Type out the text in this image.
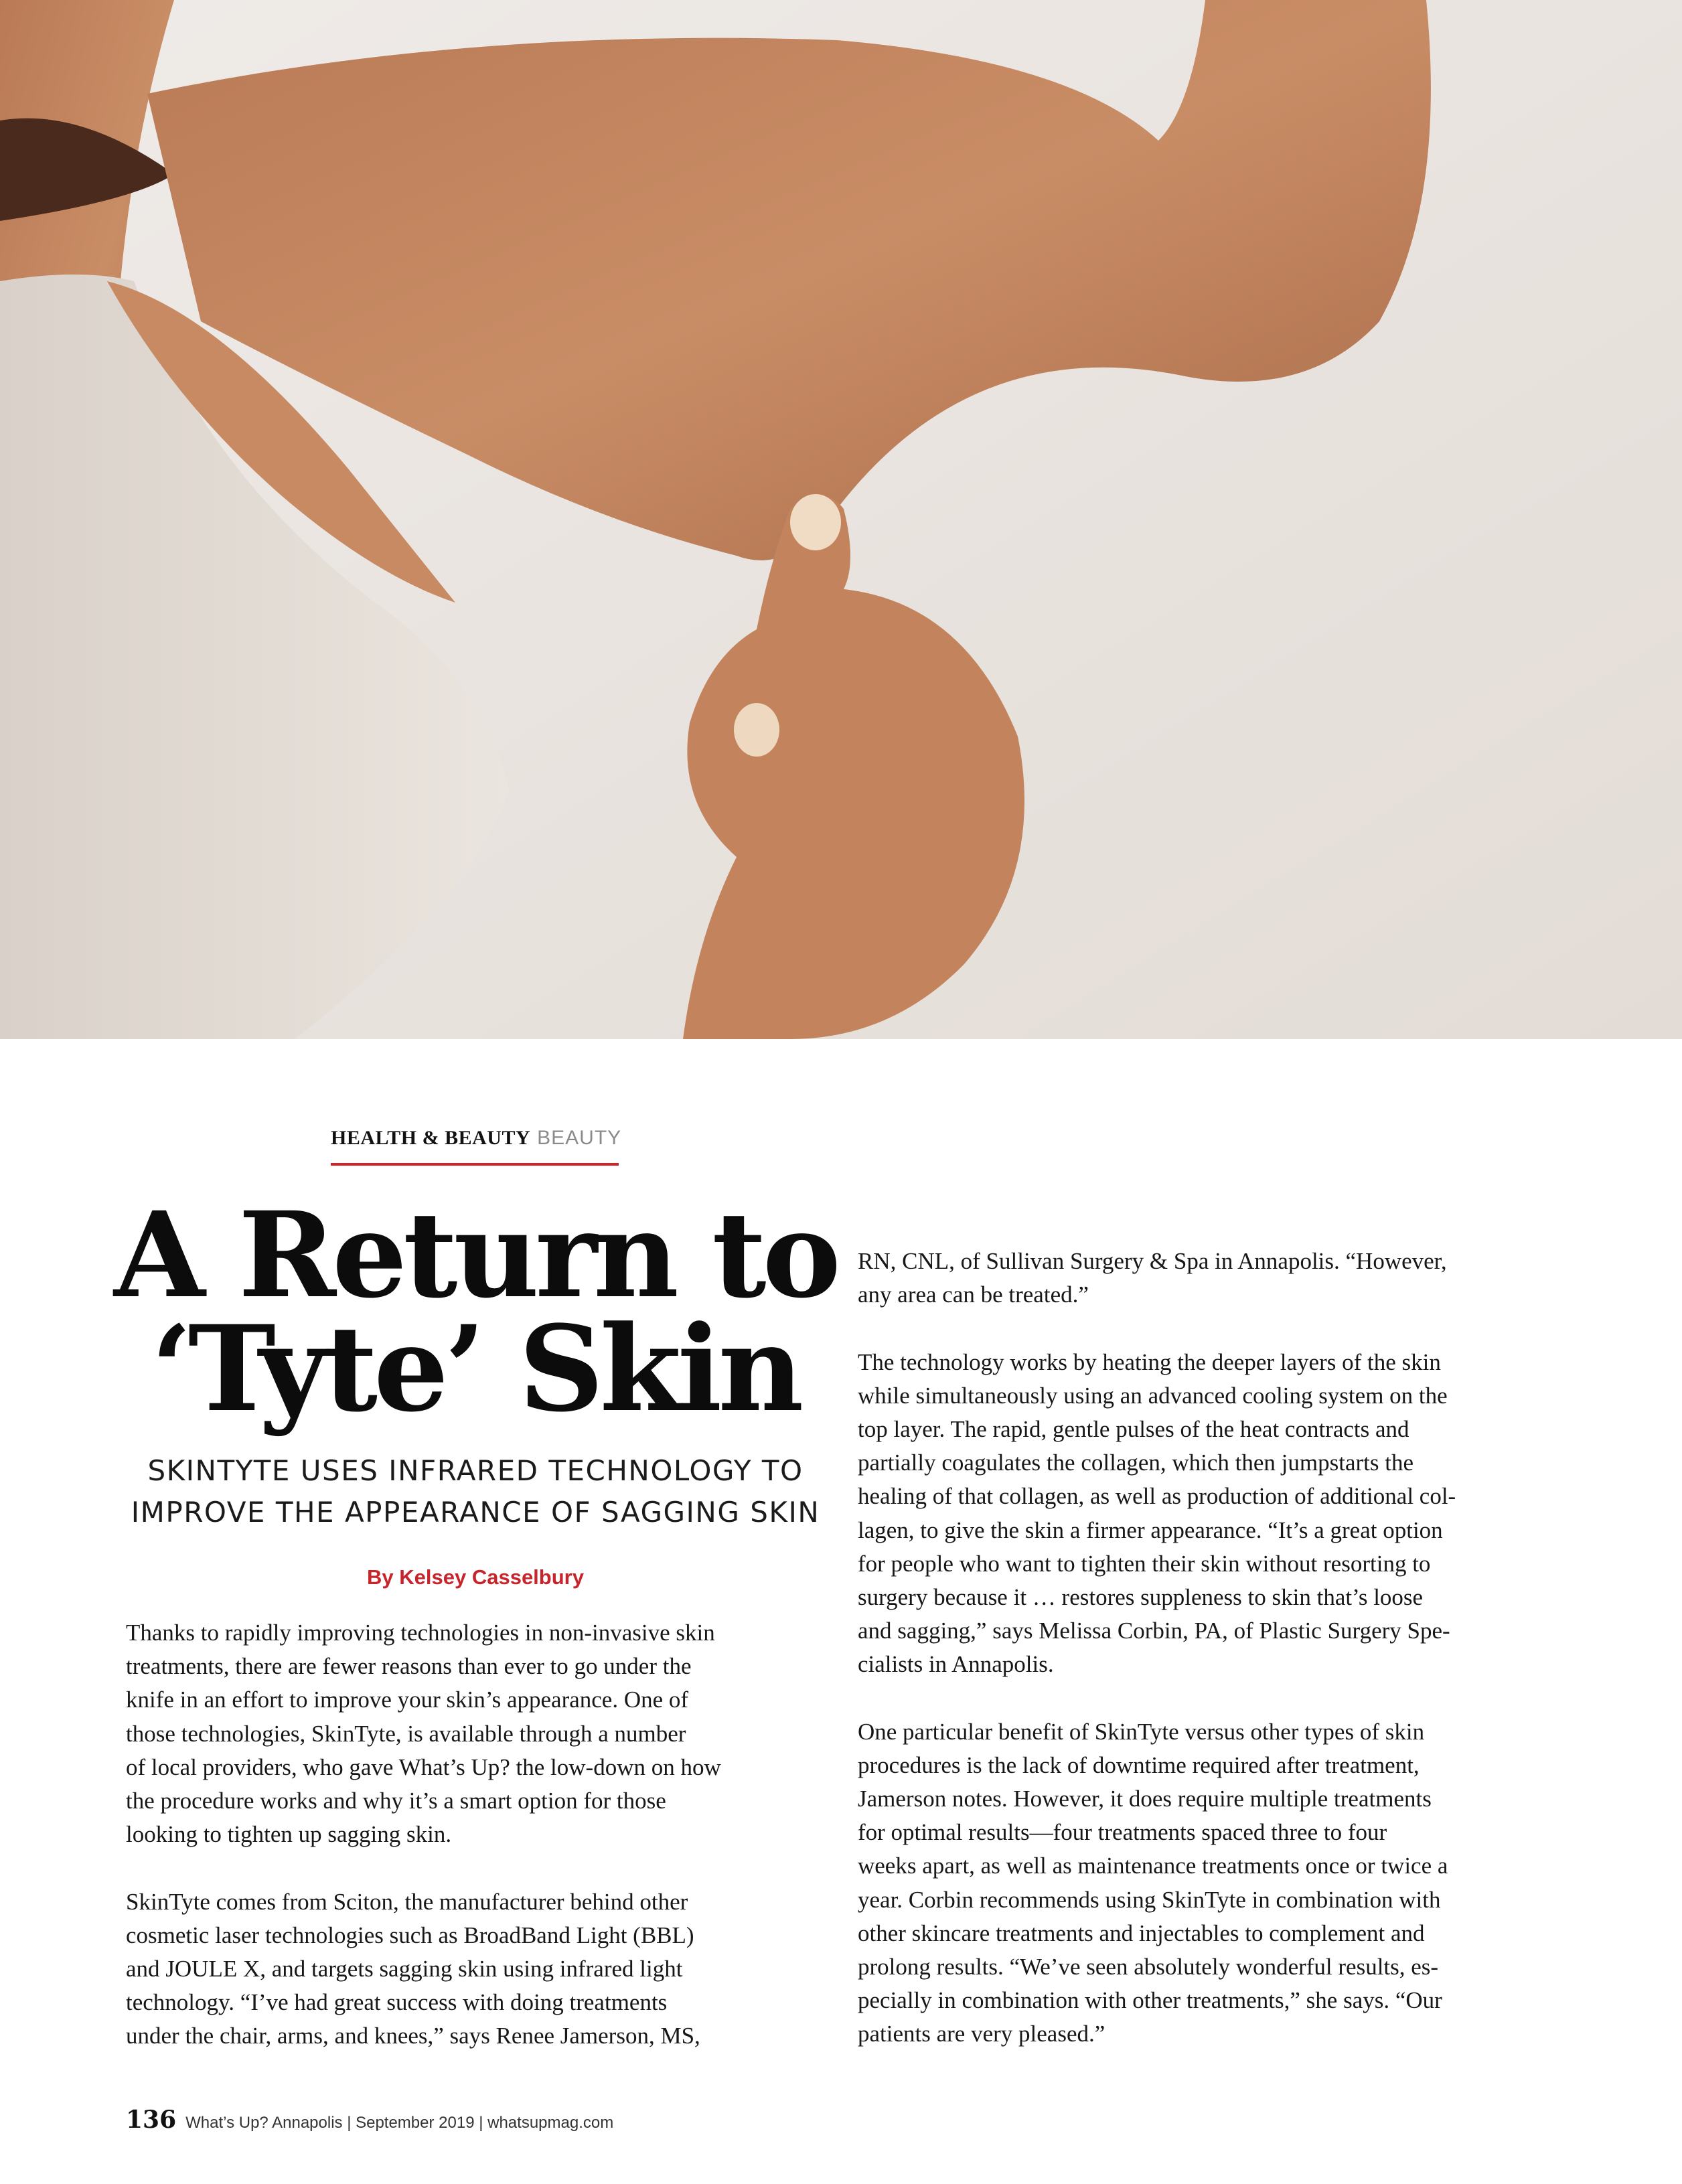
HEALTH & BEAUTY BEAUTY
A Return to
‘Tyte’ Skin
SKINTYTE USES INFRARED TECHNOLOGY TO
IMPROVE THE APPEARANCE OF SAGGING SKIN
By Kelsey Casselbury
Thanks to rapidly improving technologies in non-invasive skin
treatments, there are fewer reasons than ever to go under the
knife in an effort to improve your skin’s appearance. One of
those technologies, SkinTyte, is available through a number
of local providers, who gave What’s Up? the low-down on how
the procedure works and why it’s a smart option for those
looking to tighten up sagging skin.
SkinTyte comes from Sciton, the manufacturer behind other
cosmetic laser technologies such as BroadBand Light (BBL)
and JOULE X, and targets sagging skin using infrared light
technology. “I’ve had great success with doing treatments
under the chair, arms, and knees,” says Renee Jamerson, MS,
RN, CNL, of Sullivan Surgery & Spa in Annapolis. “However,
any area can be treated.”
The technology works by heating the deeper layers of the skin
while simultaneously using an advanced cooling system on the
top layer. The rapid, gentle pulses of the heat contracts and
partially coagulates the collagen, which then jumpstarts the
healing of that collagen, as well as production of additional col-
lagen, to give the skin a firmer appearance. “It’s a great option
for people who want to tighten their skin without resorting to
surgery because it … restores suppleness to skin that’s loose
and sagging,” says Melissa Corbin, PA, of Plastic Surgery Spe-
cialists in Annapolis.
One particular benefit of SkinTyte versus other types of skin
procedures is the lack of downtime required after treatment,
Jamerson notes. However, it does require multiple treatments
for optimal results—four treatments spaced three to four
weeks apart, as well as maintenance treatments once or twice a
year. Corbin recommends using SkinTyte in combination with
other skincare treatments and injectables to complement and
prolong results. “We’ve seen absolutely wonderful results, es-
pecially in combination with other treatments,” she says. “Our
patients are very pleased.”
136 What’s Up? Annapolis | September 2019 | whatsupmag.com
